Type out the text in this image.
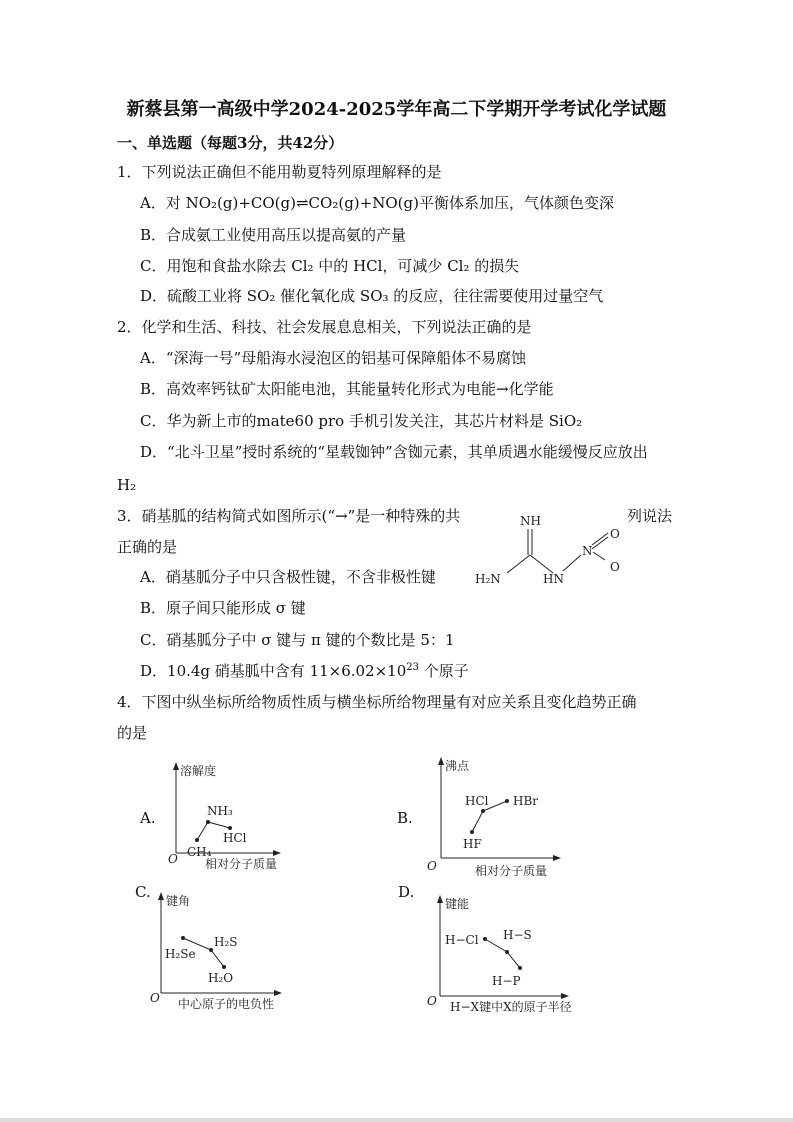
新蔡县第一高级中学2024-2025学年高二下学期开学考试化学试题
一、单选题（每题3分，共42分）
1．下列说法正确但不能用勒夏特列原理解释的是
A．对 NO₂(g)+CO(g)⇌CO₂(g)+NO(g)平衡体系加压，气体颜色变深
B．合成氨工业使用高压以提高氨的产量
C．用饱和食盐水除去 Cl₂ 中的 HCl，可减少 Cl₂ 的损失
D．硫酸工业将 SO₂ 催化氧化成 SO₃ 的反应，往往需要使用过量空气
2．化学和生活、科技、社会发展息息相关，下列说法正确的是
A．“深海一号”母船海水浸泡区的铝基可保障船体不易腐蚀
B．高效率钙钛矿太阳能电池，其能量转化形式为电能→化学能
C．华为新上市的mate60 pro 手机引发关注，其芯片材料是 SiO₂
D．“北斗卫星”授时系统的“星载铷钟”含铷元素，其单质遇水能缓慢反应放出
H₂
3．硝基胍的结构简式如图所示(“→”是一种特殊的共	列说法
正确的是
A．硝基胍分子中只含极性键，不含非极性键
B．原子间只能形成 σ 键
C．硝基胍分子中 σ 键与 π 键的个数比是 5：1
D．10.4g 硝基胍中含有 $11\times 6.02\times 10^{23}$ 个原子
NH
H₂N	HN
N
O
O
4．下图中纵坐标所给物质性质与横坐标所给物理量有对应关系且变化趋势正确
的是
A.
溶解度
相对分子质量
O
NH₃
CH₄
HCl
B.
沸点
相对分子质量
O
HF
HCl HBr
C. 键角
中心原子的电负性
O
H₂Se
H₂S
H₂O
D.
键能
H−X键中X的原子半径
O
H−Cl H−S
H−P
